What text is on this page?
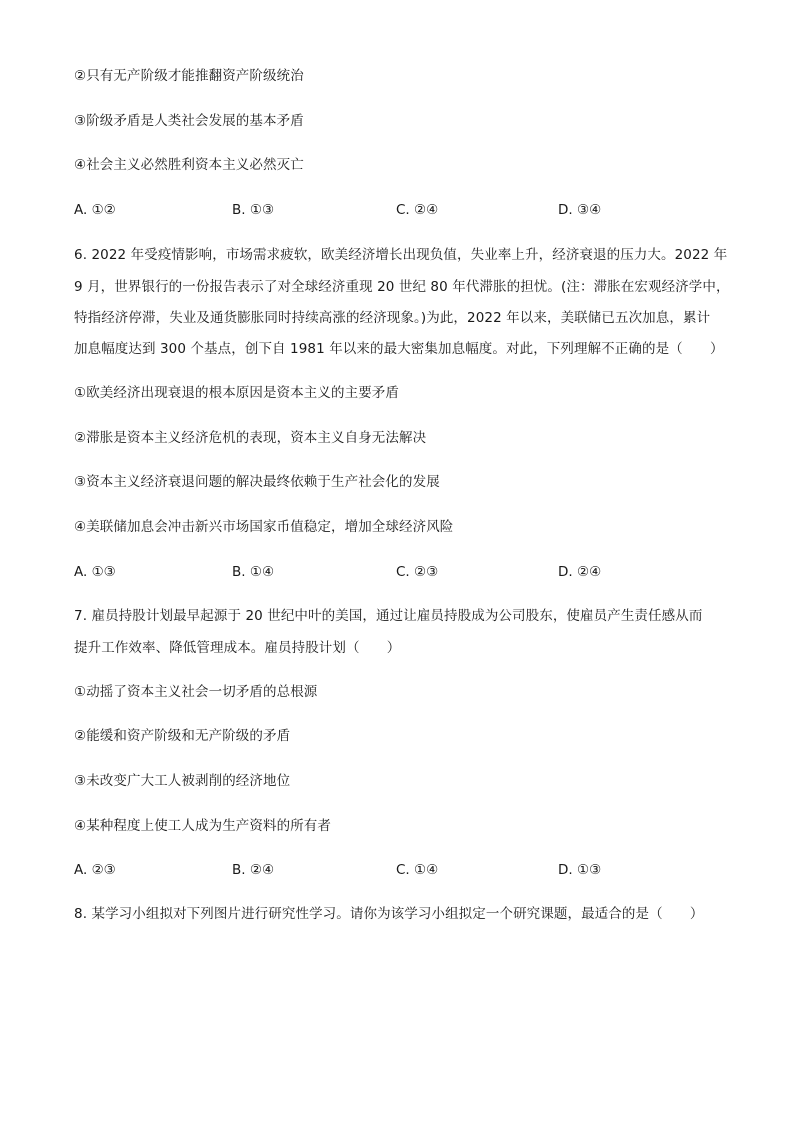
②只有无产阶级才能推翻资产阶级统治
③阶级矛盾是人类社会发展的基本矛盾
④社会主义必然胜利资本主义必然灭亡
A. ①②	B. ①③	C. ②④	D. ③④
6. 2022 年受疫情影响，市场需求疲软，欧美经济增长出现负值，失业率上升，经济衰退的压力大。2022 年
9 月，世界银行的一份报告表示了对全球经济重现 20 世纪 80 年代滞胀的担忧。(注：滞胀在宏观经济学中，
特指经济停滞，失业及通货膨胀同时持续高涨的经济现象。)为此，2022 年以来，美联储已五次加息，累计
加息幅度达到 300 个基点，创下自 1981 年以来的最大密集加息幅度。对此，下列理解不正确的是（　　）
①欧美经济出现衰退的根本原因是资本主义的主要矛盾
②滞胀是资本主义经济危机的表现，资本主义自身无法解决
③资本主义经济衰退问题的解决最终依赖于生产社会化的发展
④美联储加息会冲击新兴市场国家币值稳定，增加全球经济风险
A. ①③	B. ①④	C. ②③	D. ②④
7. 雇员持股计划最早起源于 20 世纪中叶的美国，通过让雇员持股成为公司股东，使雇员产生责任感从而
提升工作效率、降低管理成本。雇员持股计划（　　）
①动摇了资本主义社会一切矛盾的总根源
②能缓和资产阶级和无产阶级的矛盾
③未改变广大工人被剥削的经济地位
④某种程度上使工人成为生产资料的所有者
A. ②③	B. ②④	C. ①④	D. ①③
8. 某学习小组拟对下列图片进行研究性学习。请你为该学习小组拟定一个研究课题，最适合的是（　　）
